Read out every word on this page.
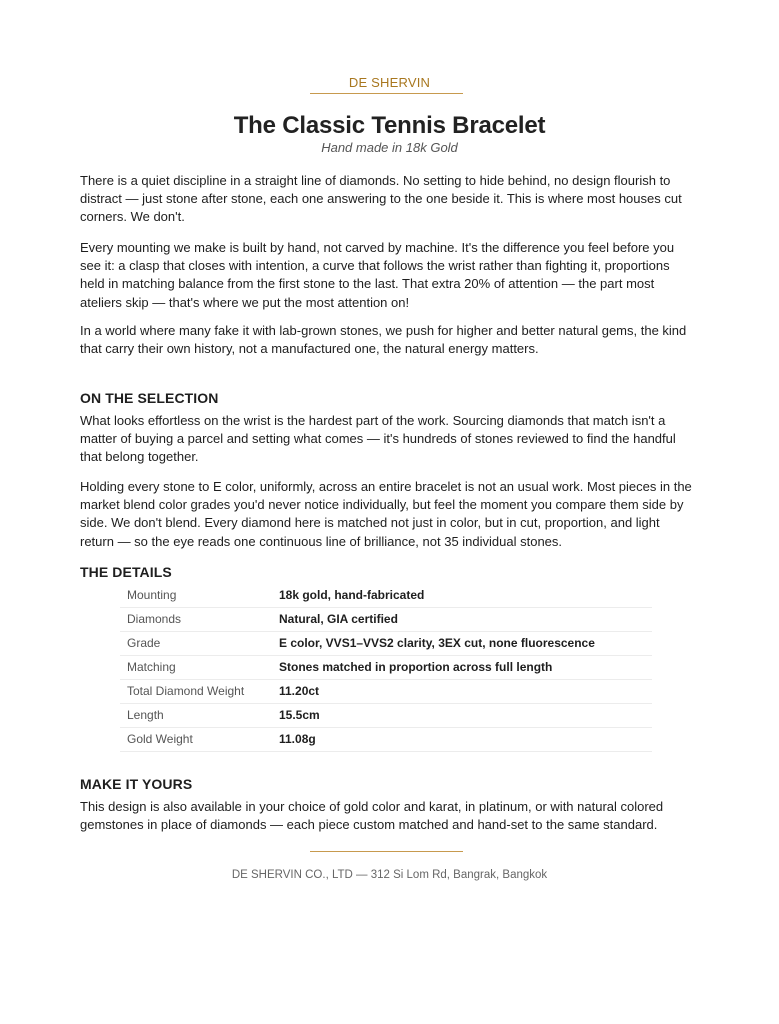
DE SHERVIN
The Classic Tennis Bracelet
Hand made in 18k Gold

There is a quiet discipline in a straight line of diamonds. No setting to hide behind, no design flourish to distract — just stone after stone, each one answering to the one beside it. This is where most houses cut corners. We don't.

Every mounting we make is built by hand, not carved by machine. It's the difference you feel before you see it: a clasp that closes with intention, a curve that follows the wrist rather than fighting it, proportions held in matching balance from the first stone to the last. That extra 20% of attention — the part most ateliers skip — that's where we put the most attention on!

In a world where many fake it with lab-grown stones, we push for higher and better natural gems, the kind that carry their own history, not a manufactured one, the natural energy matters.

ON THE SELECTION

What looks effortless on the wrist is the hardest part of the work. Sourcing diamonds that match isn't a matter of buying a parcel and setting what comes — it's hundreds of stones reviewed to find the handful that belong together.

Holding every stone to E color, uniformly, across an entire bracelet is not an usual work. Most pieces in the market blend color grades you'd never notice individually, but feel the moment you compare them side by side. We don't blend. Every diamond here is matched not just in color, but in cut, proportion, and light return — so the eye reads one continuous line of brilliance, not 35 individual stones.

THE DETAILS
Mounting	18k gold, hand-fabricated
Diamonds	Natural, GIA certified
Grade	E color, VVS1–VVS2 clarity, 3EX cut, none fluorescence
Matching	Stones matched in proportion across full length
Total Diamond Weight	11.20ct
Length	15.5cm
Gold Weight	11.08g
MAKE IT YOURS

This design is also available in your choice of gold color and karat, in platinum, or with natural colored gemstones in place of diamonds — each piece custom matched and hand-set to the same standard.

DE SHERVIN CO., LTD — 312 Si Lom Rd, Bangrak, Bangkok
